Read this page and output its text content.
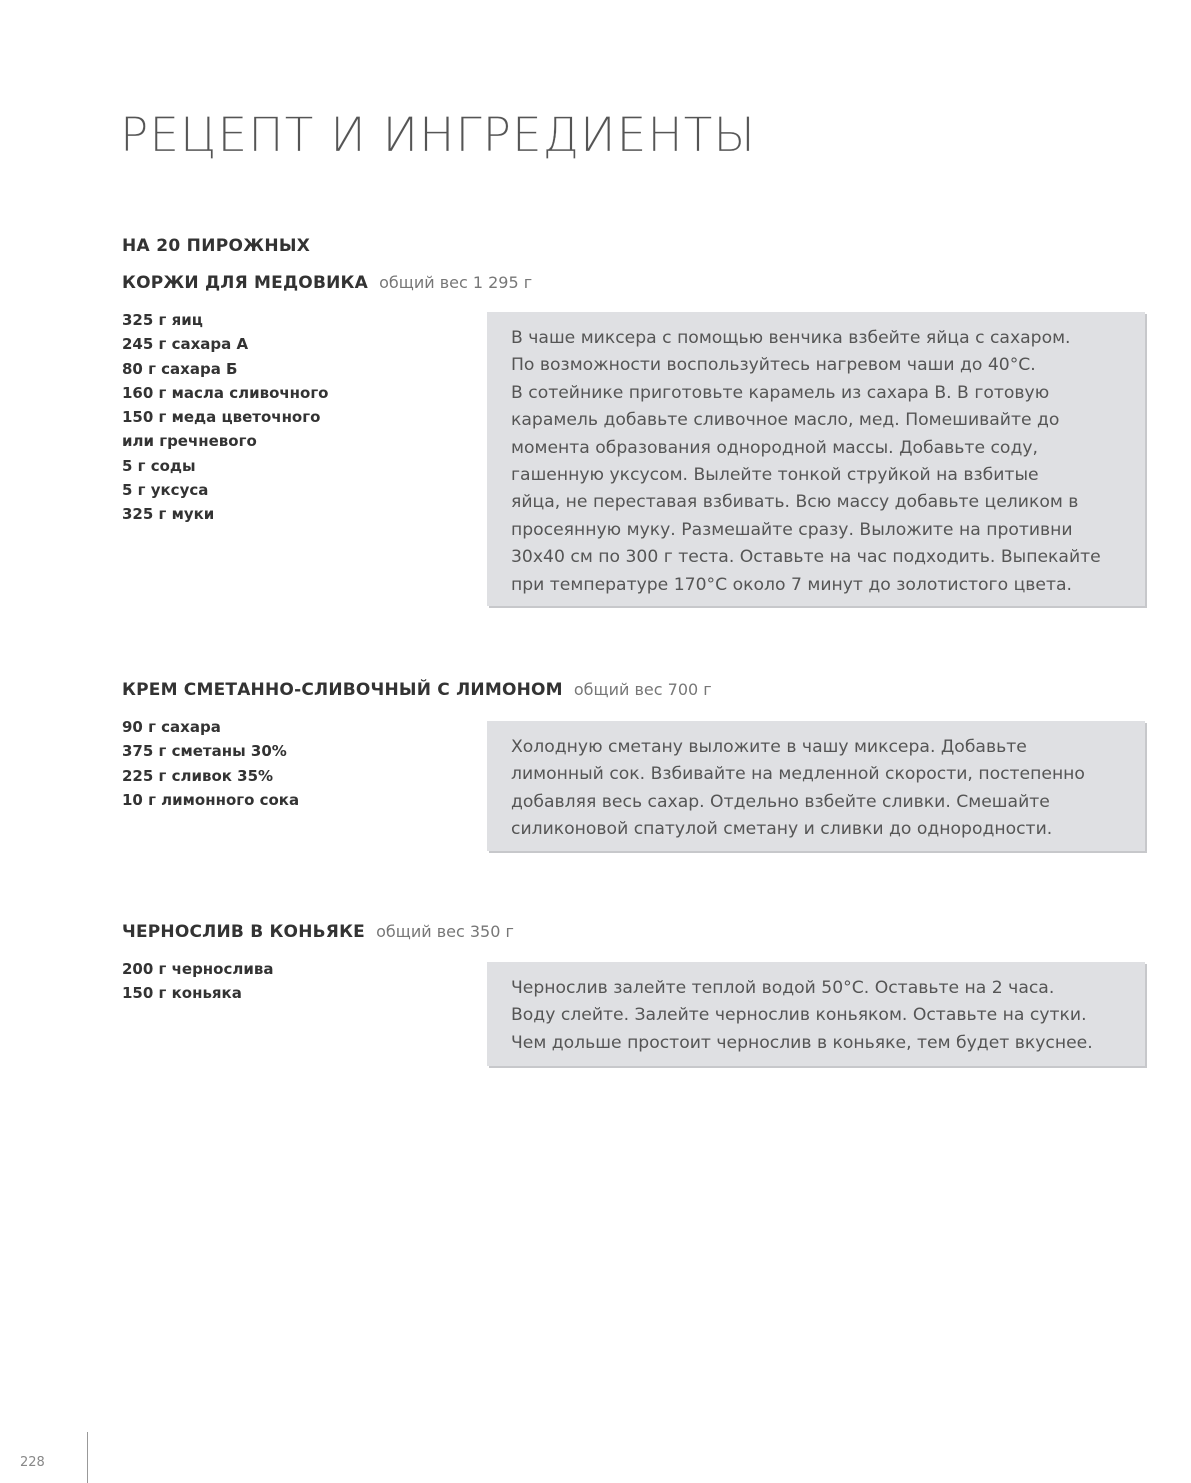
РЕЦЕПТ И ИНГРЕДИЕНТЫ
НА 20 ПИРОЖНЫХ
КОРЖИ ДЛЯ МЕДОВИКА общий вес 1 295 г
325 г яиц
245 г сахара А
80 г сахара Б
160 г масла сливочного
150 г меда цветочного
или гречневого
5 г соды
5 г уксуса
325 г муки

В чаше миксера с помощью венчика взбейте яйца с сахаром.
По возможности воспользуйтесь нагревом чаши до 40°С.
В сотейнике приготовьте карамель из сахара В. В готовую
карамель добавьте сливочное масло, мед. Помешивайте до
момента образования однородной массы. Добавьте соду,
гашенную уксусом. Вылейте тонкой струйкой на взбитые
яйца, не переставая взбивать. Всю массу добавьте целиком в
просеянную муку. Размешайте сразу. Выложите на противни
30х40 см по 300 г теста. Оставьте на час подходить. Выпекайте
при температуре 170°С около 7 минут до золотистого цвета.

КРЕМ СМЕТАННО-СЛИВОЧНЫЙ С ЛИМОНОМ общий вес 700 г
90 г сахара
375 г сметаны 30%
225 г сливок 35%
10 г лимонного сока

Холодную сметану выложите в чашу миксера. Добавьте
лимонный сок. Взбивайте на медленной скорости, постепенно
добавляя весь сахар. Отдельно взбейте сливки. Смешайте
силиконовой спатулой сметану и сливки до однородности.

ЧЕРНОСЛИВ В КОНЬЯКЕ общий вес 350 г
200 г чернослива
150 г коньяка	Чернослив залейте теплой водой 50°С. Оставьте на 2 часа.
Воду слейте. Залейте чернослив коньяком. Оставьте на сутки.
Чем дольше простоит чернослив в коньяке, тем будет вкуснее.

228
